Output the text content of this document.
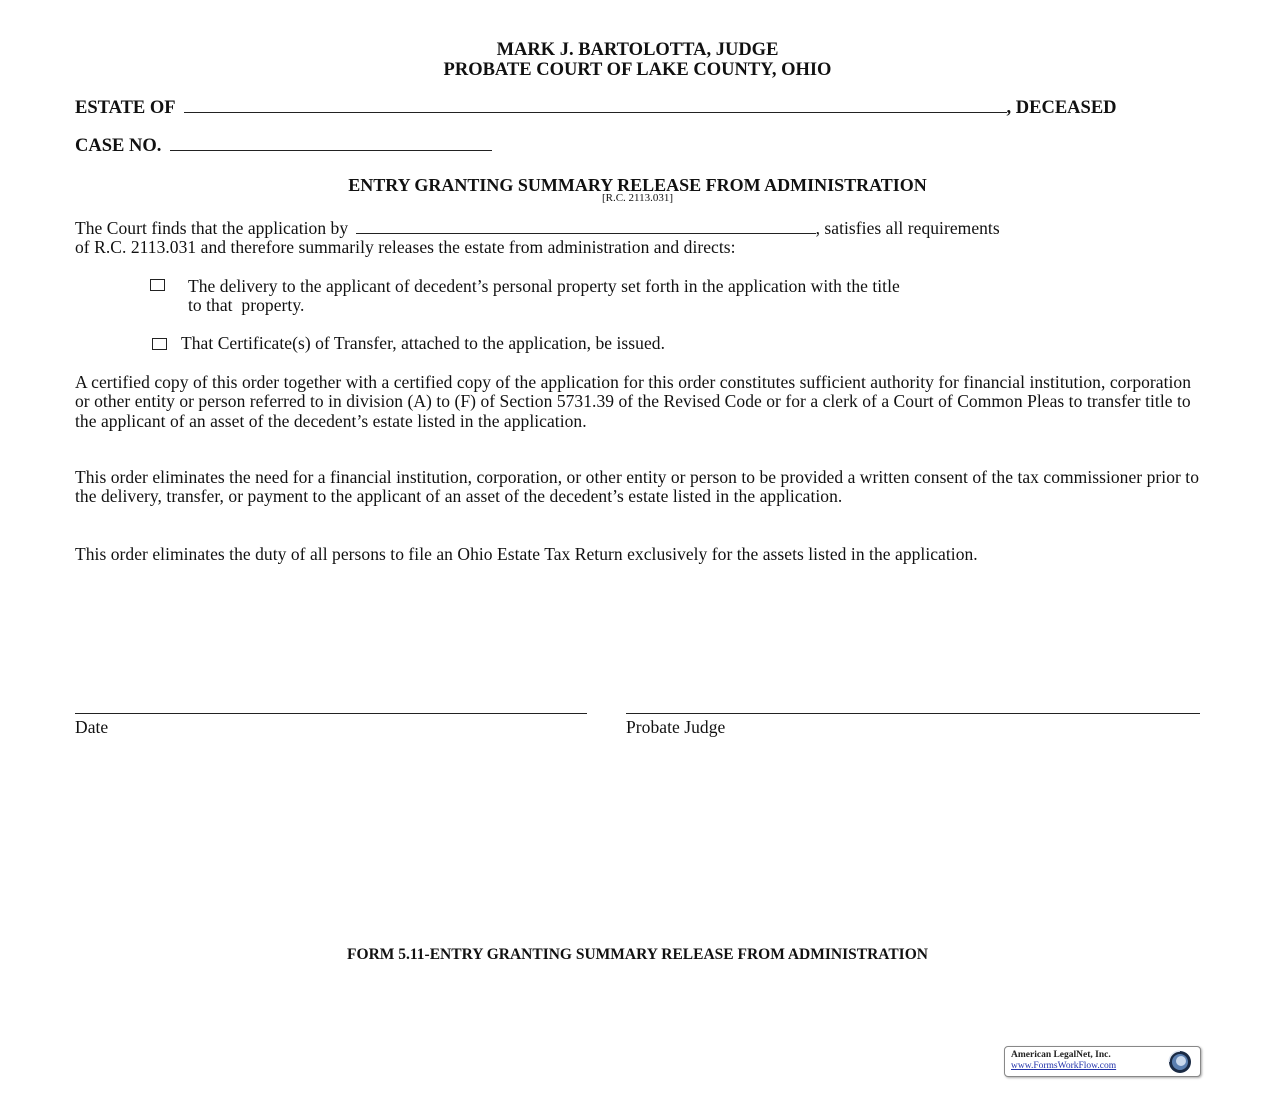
MARK J. BARTOLOTTA, JUDGE
PROBATE COURT OF LAKE COUNTY, OHIO
ESTATE OF	, DECEASED
CASE NO.
ENTRY GRANTING SUMMARY RELEASE FROM ADMINISTRATION
[R.C. 2113.031]
The Court finds that the application by	, satisfies all requirements
of R.C. 2113.031 and therefore summarily releases the estate from administration and directs:
The delivery to the applicant of decedent’s personal property set forth in the application with the title
to that  property.
That Certificate(s) of Transfer, attached to the application, be issued.
A certified copy of this order together with a certified copy of the application for this order constitutes sufficient authority for financial institution, corporation or other entity or person referred to in division (A) to (F) of Section 5731.39 of the Revised Code or for a clerk of a Court of Common Pleas to transfer title to the applicant of an asset of the decedent’s estate listed in the application.
This order eliminates the need for a financial institution, corporation, or other entity or person to be provided a written consent of the tax commissioner prior to the delivery, transfer, or payment to the applicant of an asset of the decedent’s estate listed in the application.
This order eliminates the duty of all persons to file an Ohio Estate Tax Return exclusively for the assets listed in the application.
Date	Probate Judge
FORM 5.11-ENTRY GRANTING SUMMARY RELEASE FROM ADMINISTRATION
American LegalNet, Inc.
www.FormsWorkFlow.com
